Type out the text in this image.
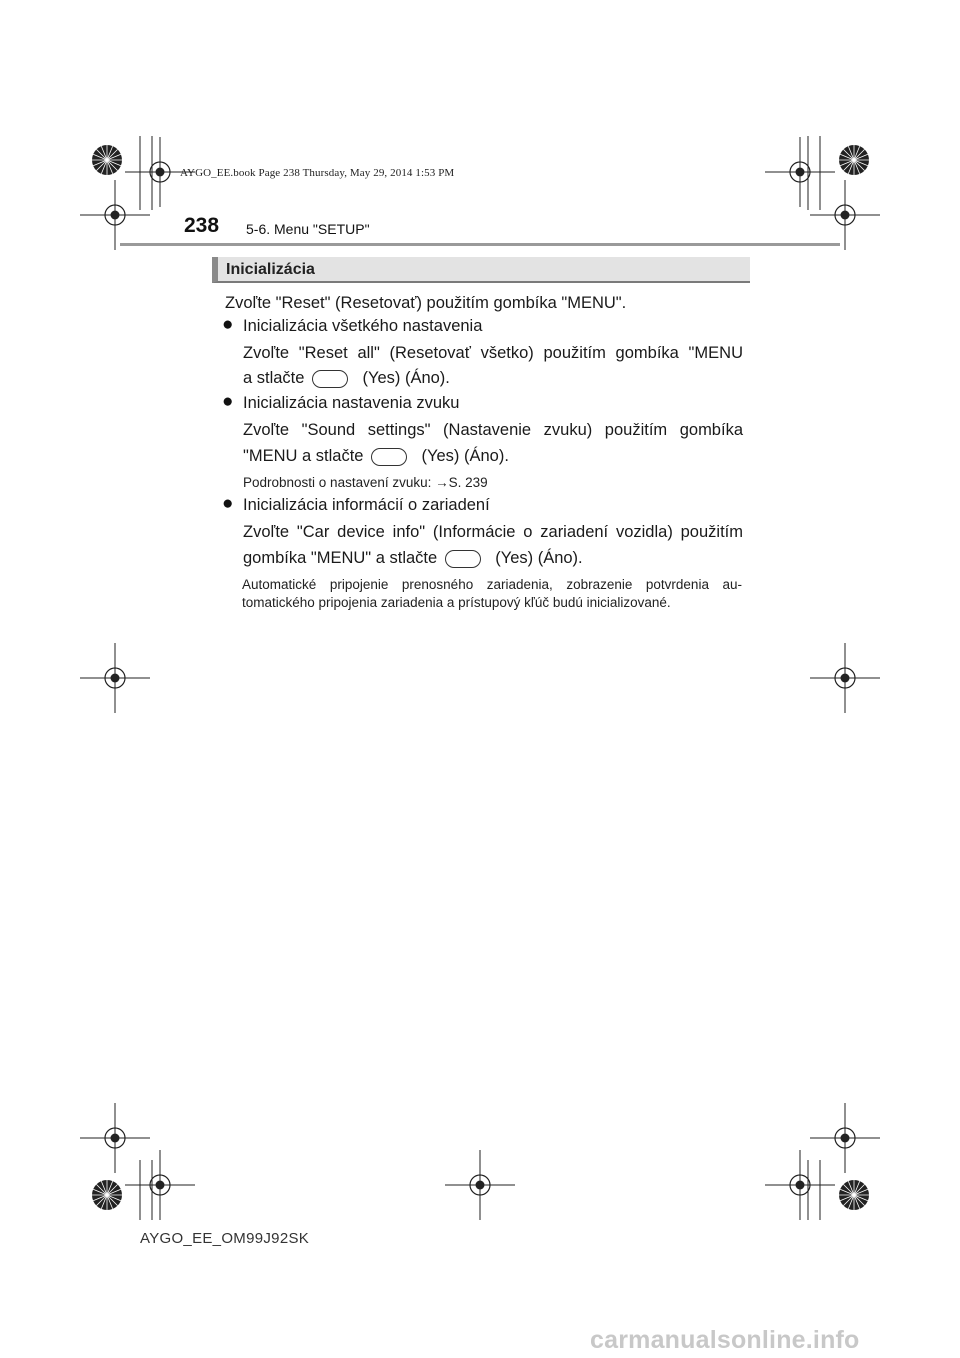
AYGO_EE.book Page 238 Thursday, May 29, 2014 1:53 PM
238 5-6. Menu "SETUP"
Inicializácia
Zvoľte "Reset" (Resetovať) použitím gombíka "MENU".
● Inicializácia všetkého nastavenia
Zvoľte "Reset all" (Resetovať všetko) použitím gombíka "MENU
a stlačte	(Yes) (Áno).
● Inicializácia nastavenia zvuku
Zvoľte "Sound settings" (Nastavenie zvuku) použitím gombíka
"MENU a stlačte	(Yes) (Áno).
Podrobnosti o nastavení zvuku: →S. 239
● Inicializácia informácií o zariadení
Zvoľte "Car device info" (Informácie o zariadení vozidla) použitím
gombíka "MENU" a stlačte	(Yes) (Áno).
Automatické pripojenie prenosného zariadenia, zobrazenie potvrdenia au-
tomatického pripojenia zariadenia a prístupový kľúč budú inicializované.
AYGO_EE_OM99J92SK
carmanualsonline.info
